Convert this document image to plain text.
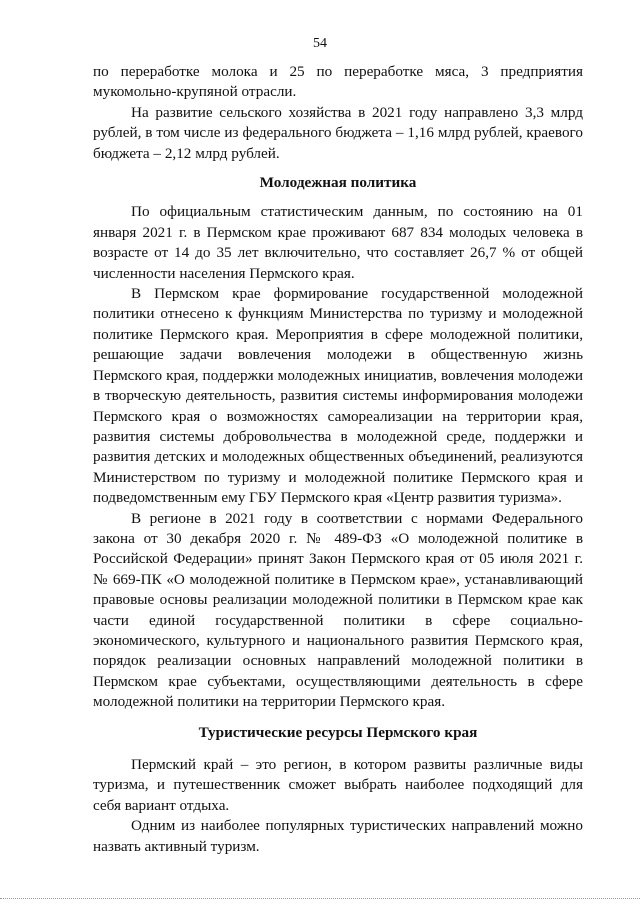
54

по переработке молока и 25 по переработке мяса, 3 предприятия мукомольно-крупяной отрасли.

На развитие сельского хозяйства в 2021 году направлено 3,3 млрд рублей, в том числе из федерального бюджета – 1,16 млрд рублей, краевого бюджета – 2,12 млрд рублей.

Молодежная политика

По официальным статистическим данным, по состоянию на 01 января 2021 г. в Пермском крае проживают 687 834 молодых человека в возрасте от 14 до 35 лет включительно, что составляет 26,7 % от общей численности населения Пермского края.

В Пермском крае формирование государственной молодежной политики отнесено к функциям Министерства по туризму и молодежной политике Пермского края. Мероприятия в сфере молодежной политики, решающие задачи вовлечения молодежи в общественную жизнь Пермского края, поддержки молодежных инициатив, вовлечения молодежи в творческую деятельность, развития системы информирования молодежи Пермского края о возможностях самореализации на территории края, развития системы добровольчества в молодежной среде, поддержки и развития детских и молодежных общественных объединений, реализуются Министерством по туризму и молодежной политике Пермского края и подведомственным ему ГБУ Пермского края «Центр развития туризма».

В регионе в 2021 году в соответствии с нормами Федерального закона от 30 декабря 2020 г. № 489-ФЗ «О молодежной политике в Российской Федерации» принят Закон Пермского края от 05 июля 2021 г. № 669-ПК «О молодежной политике в Пермском крае», устанавливающий правовые основы реализации молодежной политики в Пермском крае как части единой государственной политики в сфере социально-экономического, культурного и национального развития Пермского края, порядок реализации основных направлений молодежной политики в Пермском крае субъектами, осуществляющими деятельность в сфере молодежной политики на территории Пермского края.

Туристические ресурсы Пермского края

Пермский край – это регион, в котором развиты различные виды туризма, и путешественник сможет выбрать наиболее подходящий для себя вариант отдыха.

Одним из наиболее популярных туристических направлений можно назвать активный туризм.
